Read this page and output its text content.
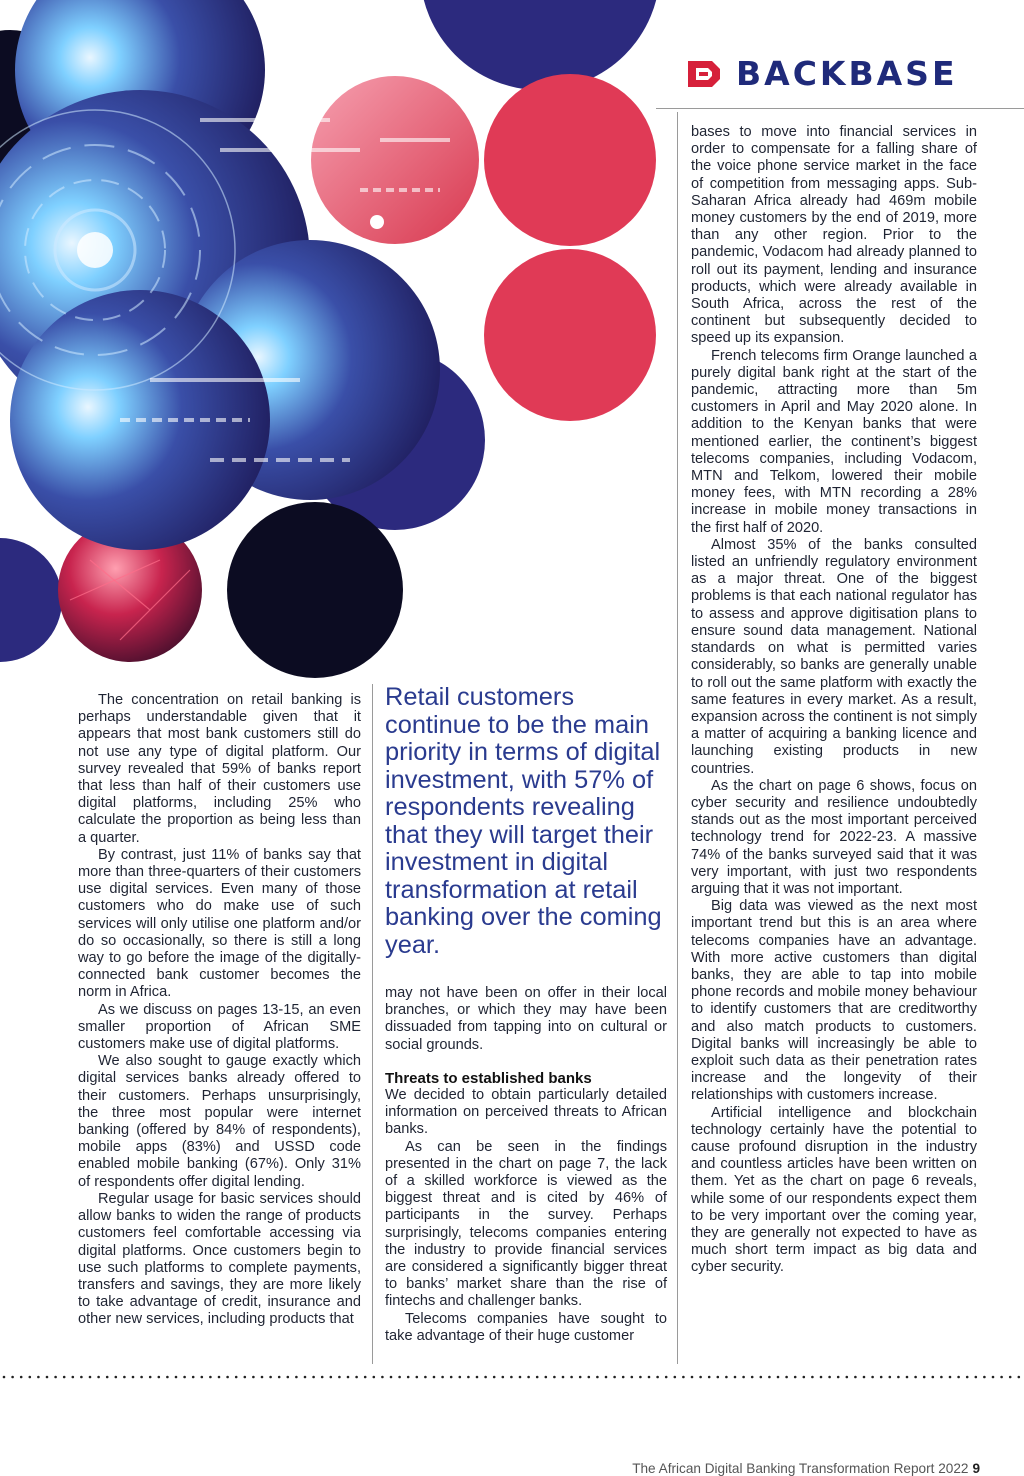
BACKBASE
Retail customers continue to be the main priority in terms of digital investment, with 57% of respondents revealing that they will target their investment in digital transformation at retail banking over the coming year.

The concentration on retail banking is perhaps understandable given that it appears that most bank customers still do not use any type of digital platform. Our survey revealed that 59% of banks report that less than half of their customers use digital platforms, including 25% who calculate the proportion as being less than a quarter.

By contrast, just 11% of banks say that more than three-quarters of their customers use digital services. Even many of those customers who do make use of such services will only utilise one platform and/or do so occasionally, so there is still a long way to go before the image of the digitally-connected bank customer becomes the norm in Africa.

As we discuss on pages 13-15, an even smaller proportion of African SME customers make use of digital platforms.

We also sought to gauge exactly which digital services banks already offered to their customers. Perhaps unsurprisingly, the three most popular were internet banking (offered by 84% of respondents), mobile apps (83%) and USSD code enabled mobile banking (67%). Only 31% of respondents offer digital lending.

Regular usage for basic services should allow banks to widen the range of products customers feel comfortable accessing via digital platforms. Once customers begin to use such platforms to complete payments, transfers and savings, they are more likely to take advantage of credit, insurance and other new services, including products that

may not have been on offer in their local branches, or which they may have been dissuaded from tapping into on cultural or social grounds.

Threats to established banks

We decided to obtain particularly detailed information on perceived threats to African banks.

As can be seen in the findings presented in the chart on page 7, the lack of a skilled workforce is viewed as the biggest threat and is cited by 46% of participants in the survey. Perhaps surprisingly, telecoms companies entering the industry to provide financial services are considered a significantly bigger threat to banks’ market share than the rise of fintechs and challenger banks.

Telecoms companies have sought to take advantage of their huge customer

bases to move into financial services in order to compensate for a falling share of the voice phone service market in the face of competition from messaging apps. Sub-Saharan Africa already had 469m mobile money customers by the end of 2019, more than any other region. Prior to the pandemic, Vodacom had already planned to roll out its payment, lending and insurance products, which were already available in South Africa, across the rest of the continent but subsequently decided to speed up its expansion.

French telecoms firm Orange launched a purely digital bank right at the start of the pandemic, attracting more than 5m customers in April and May 2020 alone. In addition to the Kenyan banks that were mentioned earlier, the continent’s biggest telecoms companies, including Vodacom, MTN and Telkom, lowered their mobile money fees, with MTN recording a 28% increase in mobile money transactions in the first half of 2020.

Almost 35% of the banks consulted listed an unfriendly regulatory environment as a major threat. One of the biggest problems is that each national regulator has to assess and approve digitisation plans to ensure sound data management. National standards on what is permitted varies considerably, so banks are generally unable to roll out the same platform with exactly the same features in every market. As a result, expansion across the continent is not simply a matter of acquiring a banking licence and launching existing products in new countries.

As the chart on page 6 shows, focus on cyber security and resilience undoubtedly stands out as the most important perceived technology trend for 2022-23. A massive 74% of the banks surveyed said that it was very important, with just two respondents arguing that it was not important.

Big data was viewed as the next most important trend but this is an area where telecoms companies have an advantage. With more active customers than digital banks, they are able to tap into mobile phone records and mobile money behaviour to identify customers that are creditworthy and also match products to customers. Digital banks will increasingly be able to exploit such data as their penetration rates increase and the longevity of their relationships with customers increase.

Artificial intelligence and blockchain technology certainly have the potential to cause profound disruption in the industry and countless articles have been written on them. Yet as the chart on page 6 reveals, while some of our respondents expect them to be very important over the coming year, they are generally not expected to have as much short term impact as big data and cyber security.

The African Digital Banking Transformation Report 2022 9
